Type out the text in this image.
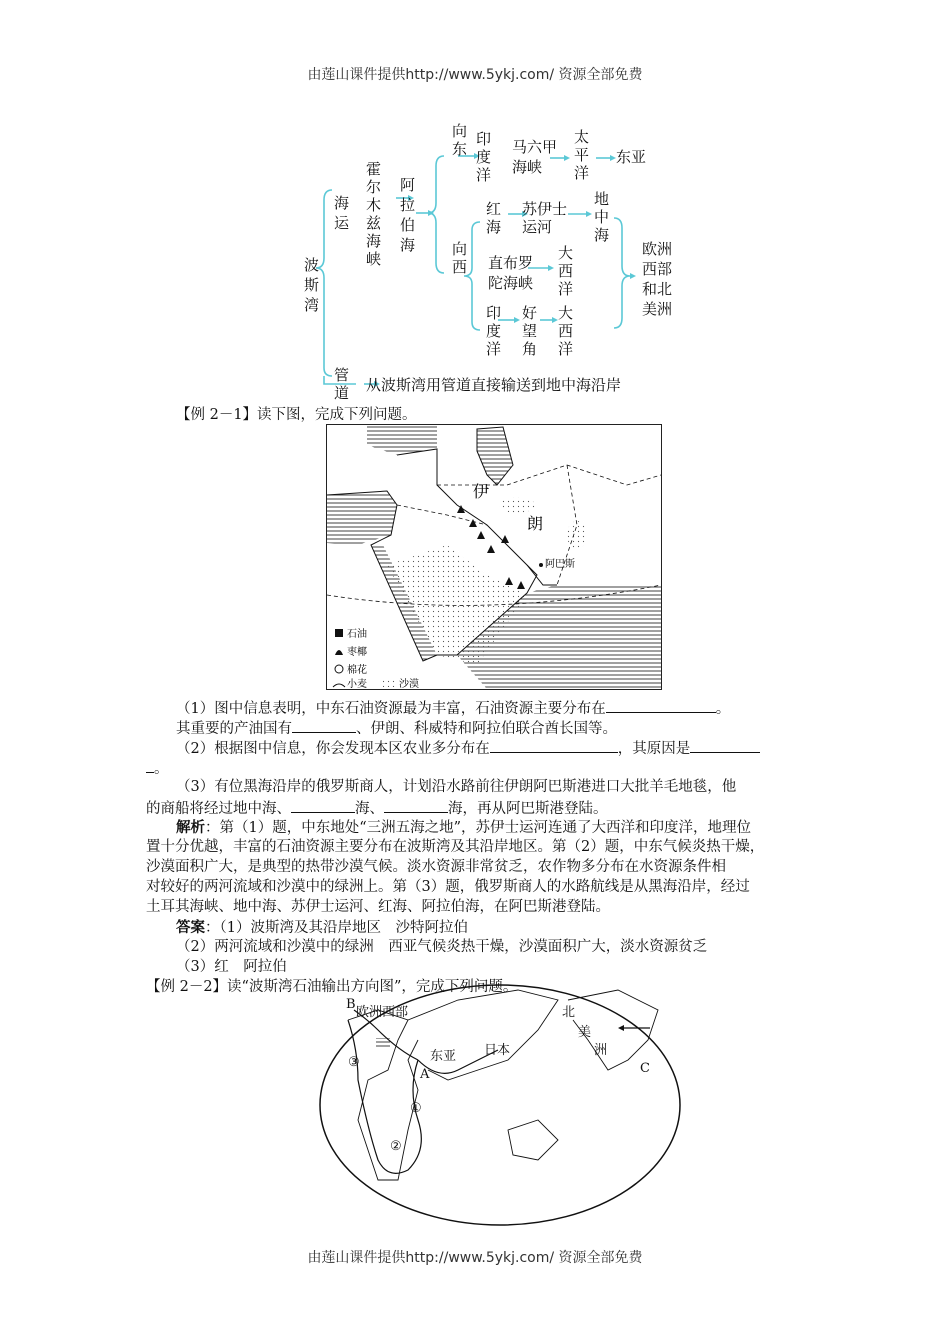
由莲山课件提供http://www.5ykj.com/ 资源全部免费
波斯湾
海运
霍尔木兹海峡
阿拉伯海
向东
印度洋
马六甲
海峡
太平洋
东亚
向西
红海
苏伊士
运河
地中海
欧洲
西部
和北
美洲
直布罗
陀海峡
大西洋
印度洋
好望角
大西洋
管道 从波斯湾用管道直接输送到地中海沿岸
【例 2－1】读下图，完成下列问题。
伊
朗
阿巴斯
石油
枣椰
棉花
小麦	沙漠
（1）图中信息表明，中东石油资源最为丰富，石油资源主要分布在	。
其重要的产油国有	、伊朗、科威特和阿拉伯联合酋长国等。
（2）根据图中信息，你会发现本区农业多分布在	，其原因是
。
（3）有位黑海沿岸的俄罗斯商人，计划沿水路前往伊朗阿巴斯港进口大批羊毛地毯，他
的商船将经过地中海、	海、	海，再从阿巴斯港登陆。
解析：第（1）题，中东地处“三洲五海之地”，苏伊士运河连通了大西洋和印度洋，地理位
置十分优越，丰富的石油资源主要分布在波斯湾及其沿岸地区。第（2）题，中东气候炎热干燥，
沙漠面积广大，是典型的热带沙漠气候。淡水资源非常贫乏，农作物多分布在水资源条件相
对较好的两河流域和沙漠中的绿洲上。第（3）题，俄罗斯商人的水路航线是从黑海沿岸，经过
土耳其海峡、地中海、苏伊士运河、红海、阿拉伯海，在阿巴斯港登陆。
答案：（1）波斯湾及其沿岸地区　沙特阿拉伯
（2）两河流域和沙漠中的绿洲　西亚气候炎热干燥，沙漠面积广大，淡水资源贫乏
（3）红　阿拉伯
【例 2－2】读“波斯湾石油输出方向图”，完成下列问题。
B
欧洲西部
东亚 日本
北
美
洲
C
A
①
②
③
由莲山课件提供http://www.5ykj.com/ 资源全部免费
